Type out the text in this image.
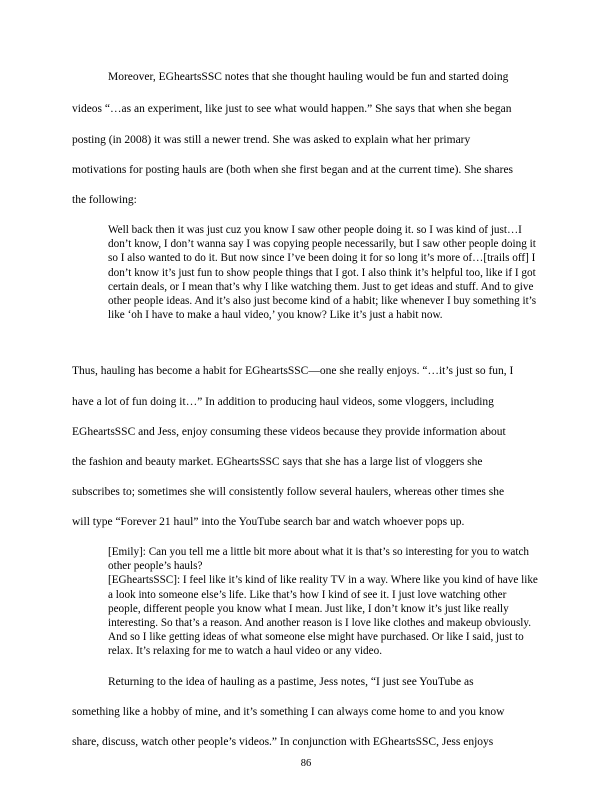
Moreover, EGheartsSSC notes that she thought hauling would be fun and started doing
videos “…as an experiment, like just to see what would happen.” She says that when she began
posting (in 2008) it was still a newer trend. She was asked to explain what her primary
motivations for posting hauls are (both when she first began and at the current time). She shares
the following:

Well back then it was just cuz you know I saw other people doing it. so I was kind of just…I don’t know, I don’t wanna say I was copying people necessarily, but I saw other people doing it so I also wanted to do it. But now since I’ve been doing it for so long it’s more of…[trails off] I don’t know it’s just fun to show people things that I got. I also think it’s helpful too, like if I got certain deals, or I mean that’s why I like watching them. Just to get ideas and stuff. And to give other people ideas. And it’s also just become kind of a habit; like whenever I buy something it’s like ‘oh I have to make a haul video,’ you know? Like it’s just a habit now.

Thus, hauling has become a habit for EGheartsSSC—one she really enjoys. “…it’s just so fun, I
have a lot of fun doing it…” In addition to producing haul videos, some vloggers, including
EGheartsSSC and Jess, enjoy consuming these videos because they provide information about
the fashion and beauty market. EGheartsSSC says that she has a large list of vloggers she
subscribes to; sometimes she will consistently follow several haulers, whereas other times she
will type “Forever 21 haul” into the YouTube search bar and watch whoever pops up.

[Emily]: Can you tell me a little bit more about what it is that’s so interesting for you to watch other people’s hauls?

[EGheartsSSC]: I feel like it’s kind of like reality TV in a way. Where like you kind of have like a look into someone else’s life. Like that’s how I kind of see it. I just love watching other people, different people you know what I mean. Just like, I don’t know it’s just like really interesting. So that’s a reason. And another reason is I love like clothes and makeup obviously. And so I like getting ideas of what someone else might have purchased. Or like I said, just to relax. It’s relaxing for me to watch a haul video or any video.

Returning to the idea of hauling as a pastime, Jess notes, “I just see YouTube as
something like a hobby of mine, and it’s something I can always come home to and you know
share, discuss, watch other people’s videos.” In conjunction with EGheartsSSC, Jess enjoys
86
